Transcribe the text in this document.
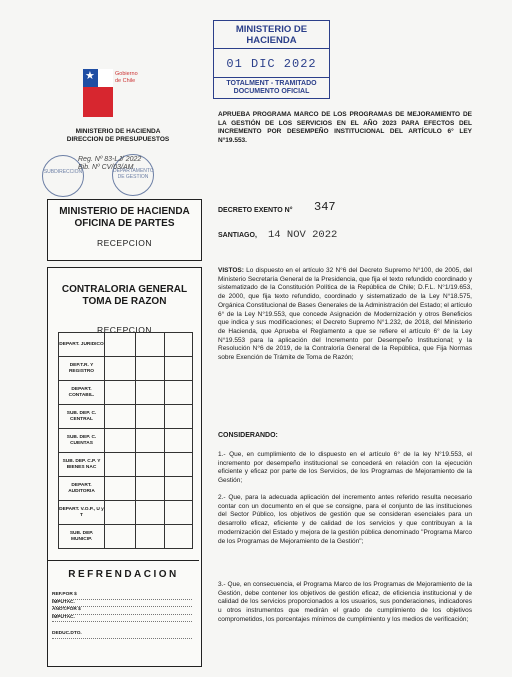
MINISTERIO DE HACIENDA
01 DIC 2022
TOTALMENT - TRAMITADO
DOCUMENTO OFICIAL
★	Gobierno
de Chile
MINISTERIO DE HACIENDA
DIRECCION DE PRESUPUESTOS
SUBDIRECCION	DEPARTAMENTO DE GESTION
Reg. Nº 83-LJ/ 2022
Bib. Nº CV/03/AM
MINISTERIO DE HACIENDA
OFICINA DE PARTES
RECEPCION
CONTRALORIA GENERAL
TOMA DE RAZON
RECEPCION
DEPART. JURIDICO
DEP.T.R. Y REGISTRO
DEPART. CONTABIL.
SUB. DEP. C. CENTRAL
SUB. DEP. C. CUENTAS
SUB. DEP. C.P. Y BIENES NAC
DEPART. AUDITORIA
DEPART. V.O.P., U y T
SUB. DEP. MUNICIP.
REFRENDACION
REF.POR $
IMPUTAC.
ANOT.POR $
IMPUTAC.
DEDUC.DTO.
APRUEBA PROGRAMA MARCO DE LOS PROGRAMAS DE MEJORAMIENTO DE LA GESTIÓN DE LOS SERVICIOS EN EL AÑO 2023 PARA EFECTOS DEL INCREMENTO POR DESEMPEÑO INSTITUCIONAL DEL ARTÍCULO 6° LEY N°19.553.
DECRETO EXENTO N° 347
SANTIAGO, 14 NOV 2022
VISTOS: Lo dispuesto en el artículo 32 N°6 del Decreto Supremo N°100, de 2005, del Ministerio Secretaría General de la Presidencia, que fija el texto refundido coordinado y sistematizado de la Constitución Política de la República de Chile; D.F.L. N°1/19.653, de 2000, que fija texto refundido, coordinado y sistematizado de la Ley N°18.575, Orgánica Constitucional de Bases Generales de la Administración del Estado; el artículo 6° de la Ley N°19.553, que concede Asignación de Modernización y otros Beneficios que indica y sus modificaciones; el Decreto Supremo N°1.232, de 2018, del Ministerio de Hacienda, que Aprueba el Reglamento a que se refiere el artículo 6° de la Ley N°19.553 para la aplicación del Incremento por Desempeño Institucional; y la Resolución N°6 de 2019, de la Contraloría General de la República, que Fija Normas sobre Exención de Trámite de Toma de Razón;
CONSIDERANDO:
1.- Que, en cumplimiento de lo dispuesto en el artículo 6° de la ley N°19.553, el incremento por desempeño institucional se concederá en relación con la ejecución eficiente y eficaz por parte de los Servicios, de los Programas de Mejoramiento de la Gestión;
2.- Que, para la adecuada aplicación del incremento antes referido resulta necesario contar con un documento en el que se consigne, para el conjunto de las instituciones del Sector Público, los objetivos de gestión que se consideran esenciales para un desarrollo eficaz, eficiente y de calidad de los servicios y que contribuyan a la modernización del Estado y mejora de la gestión pública denominado "Programa Marco de los Programas de Mejoramiento de la Gestión";
3.- Que, en consecuencia, el Programa Marco de los Programas de Mejoramiento de la Gestión, debe contener los objetivos de gestión eficaz, de eficiencia institucional y de calidad de los servicios proporcionados a los usuarios, sus ponderaciones, indicadores u otros instrumentos que medirán el grado de cumplimiento de los objetivos comprometidos, los porcentajes mínimos de cumplimiento y los medios de verificación;
